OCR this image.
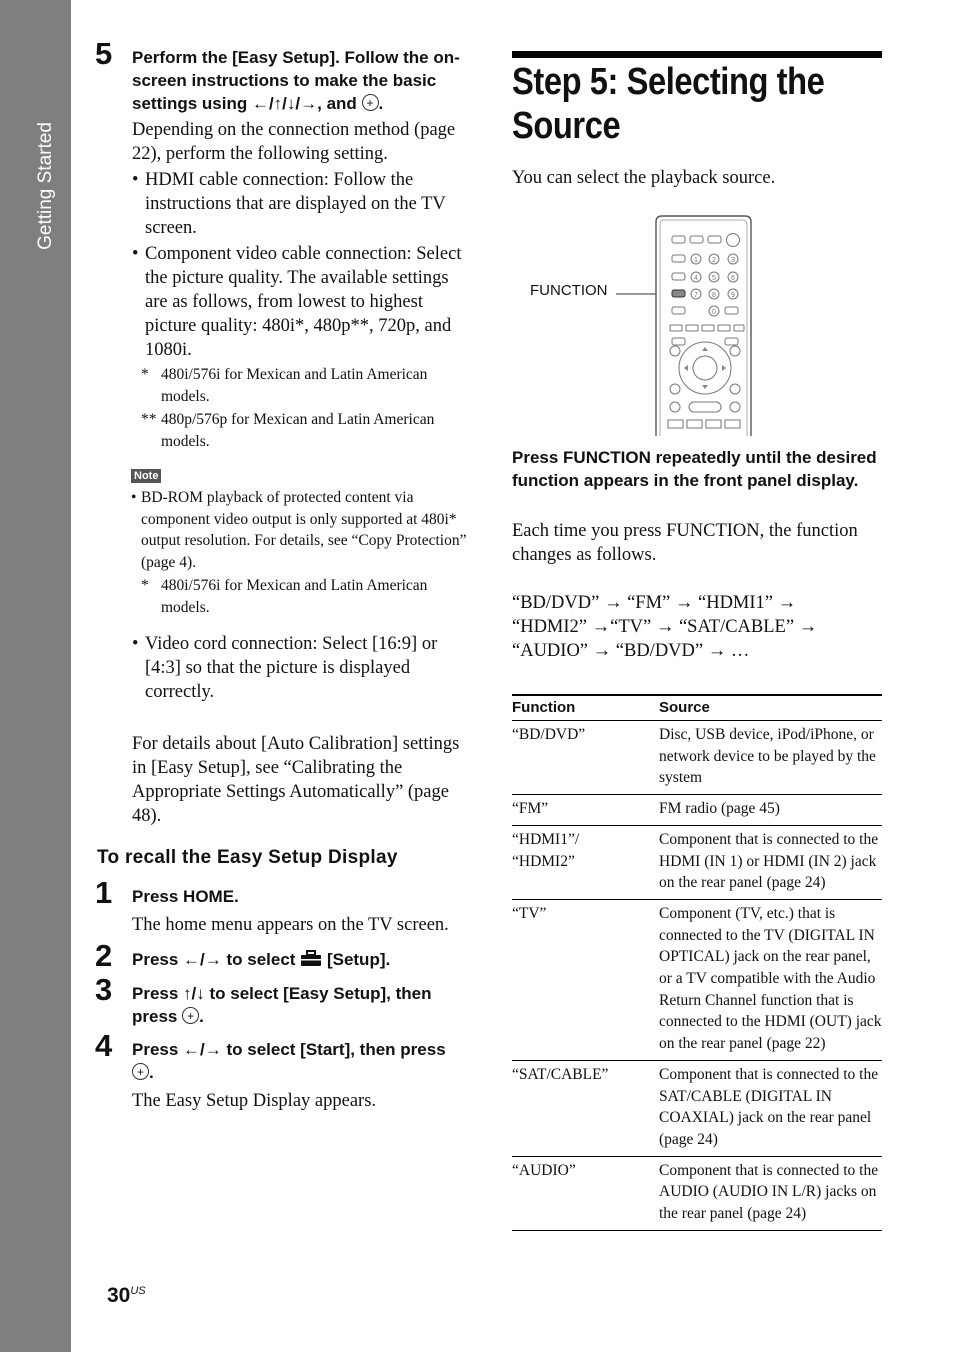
Getting Started
5 Perform the [Easy Setup]. Follow the on-screen instructions to make the basic settings using ←/↑/↓/→, and + .
Depending on the connection method (page 22), perform the following setting.
• HDMI cable connection: Follow the instructions that are displayed on the TV screen.
• Component video cable connection: Select the picture quality. The available settings are as follows, from lowest to highest picture quality: 480i*, 480p**, 720p, and 1080i.
* 480i/576i for Mexican and Latin American models.
** 480p/576p for Mexican and Latin American models.
Note
• BD-ROM playback of protected content via component video output is only supported at 480i* output resolution. For details, see “Copy Protection” (page 4).
* 480i/576i for Mexican and Latin American models.
• Video cord connection: Select [16:9] or [4:3] so that the picture is displayed correctly.
For details about [Auto Calibration] settings in [Easy Setup], see “Calibrating the Appropriate Settings Automatically” (page 48).
To recall the Easy Setup Display
1 Press HOME.
The home menu appears on the TV screen.
2 Press ←/→ to select [Setup].
3 Press ↑/↓ to select [Easy Setup], then press + .
4 Press ←/→ to select [Start], then press +.
The Easy Setup Display appears.
Step 5: Selecting the Source
You can select the playback source.
FUNCTION
1 2 3
4 5 6
7 8 9
0
Press FUNCTION repeatedly until the desired function appears in the front panel display.
Each time you press FUNCTION, the function changes as follows.
“BD/DVD” → “FM” → “HDMI1” → “HDMI2” →“TV” → “SAT/CABLE” → “AUDIO” → “BD/DVD” → …
Function	Source
“BD/DVD”	Disc, USB device, iPod/iPhone, or network device to be played by the system
“FM”	FM radio (page 45)
“HDMI1”/ “HDMI2”	Component that is connected to the HDMI (IN 1) or HDMI (IN 2) jack on the rear panel (page 24)
“TV”	Component (TV, etc.) that is connected to the TV (DIGITAL IN OPTICAL) jack on the rear panel, or a TV compatible with the Audio Return Channel function that is connected to the HDMI (OUT) jack on the rear panel (page 22)
“SAT/CABLE”	Component that is connected to the SAT/CABLE (DIGITAL IN COAXIAL) jack on the rear panel (page 24)
“AUDIO”	Component that is connected to the AUDIO (AUDIO IN L/R) jacks on the rear panel (page 24)
$30^{US}$
